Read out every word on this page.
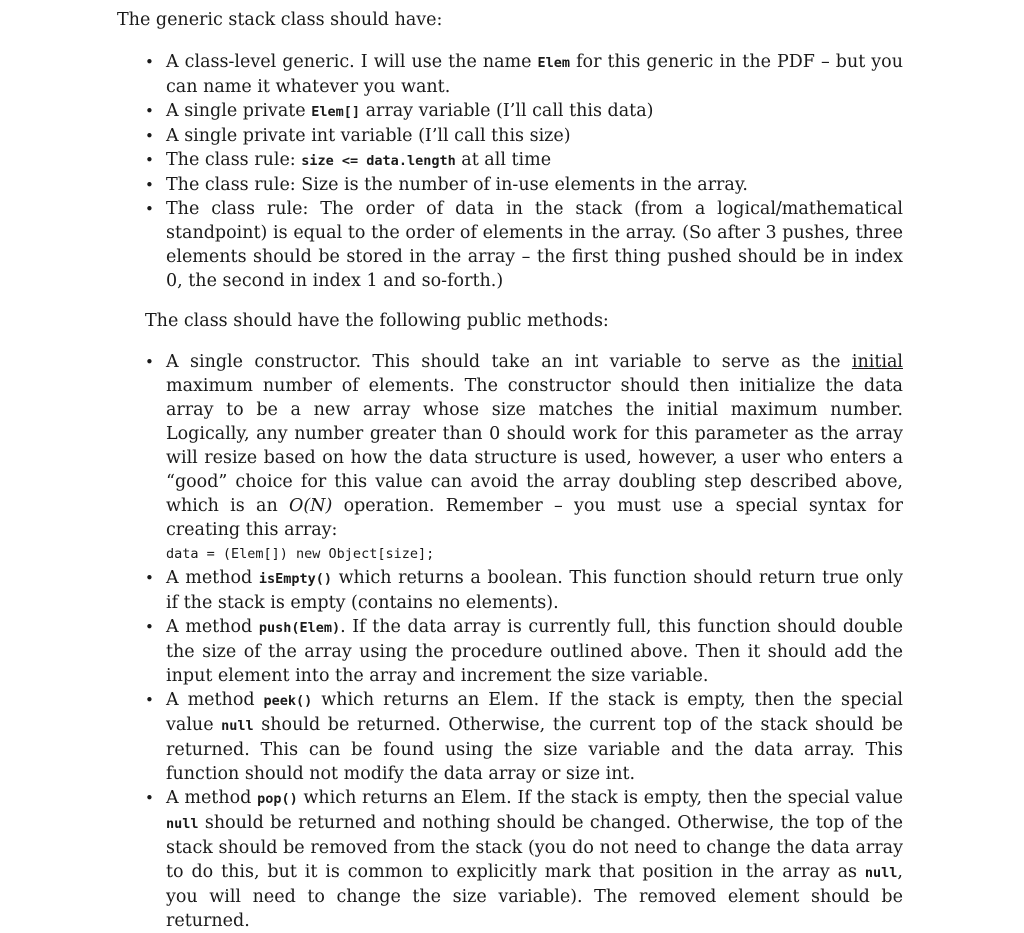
The generic stack class should have:

• A class-level generic. I will use the name Elem for this generic in the PDF – but you can name it whatever you want.
• A single private Elem[] array variable (I’ll call this data)
• A single private int variable (I’ll call this size)
• The class rule: size <= data.length at all time
• The class rule: Size is the number of in-use elements in the array.
• The class rule: The order of data in the stack (from a logical/mathematical standpoint) is equal to the order of elements in the array. (So after 3 pushes, three elements should be stored in the array – the first thing pushed should be in index 0, the second in index 1 and so-forth.)

The class should have the following public methods:

• A single constructor. This should take an int variable to serve as the initial maximum number of elements. The constructor should then initialize the data array to be a new array whose size matches the initial maximum number. Logically, any number greater than 0 should work for this parameter as the array will resize based on how the data structure is used, however, a user who enters a “good” choice for this value can avoid the array doubling step described above, which is an O(N) operation. Remember – you must use a special syntax for creating this array:
data = (Elem[]) new Object[size];
• A method isEmpty() which returns a boolean. This function should return true only if the stack is empty (contains no elements).
• A method push(Elem). If the data array is currently full, this function should double the size of the array using the procedure outlined above. Then it should add the input element into the array and increment the size variable.
• A method peek() which returns an Elem. If the stack is empty, then the special value null should be returned. Otherwise, the current top of the stack should be returned. This can be found using the size variable and the data array. This function should not modify the data array or size int.
• A method pop() which returns an Elem. If the stack is empty, then the special value null should be returned and nothing should be changed. Otherwise, the top of the stack should be removed from the stack (you do not need to change the data array to do this, but it is common to explicitly mark that position in the array as null, you will need to change the size variable). The removed element should be returned.
